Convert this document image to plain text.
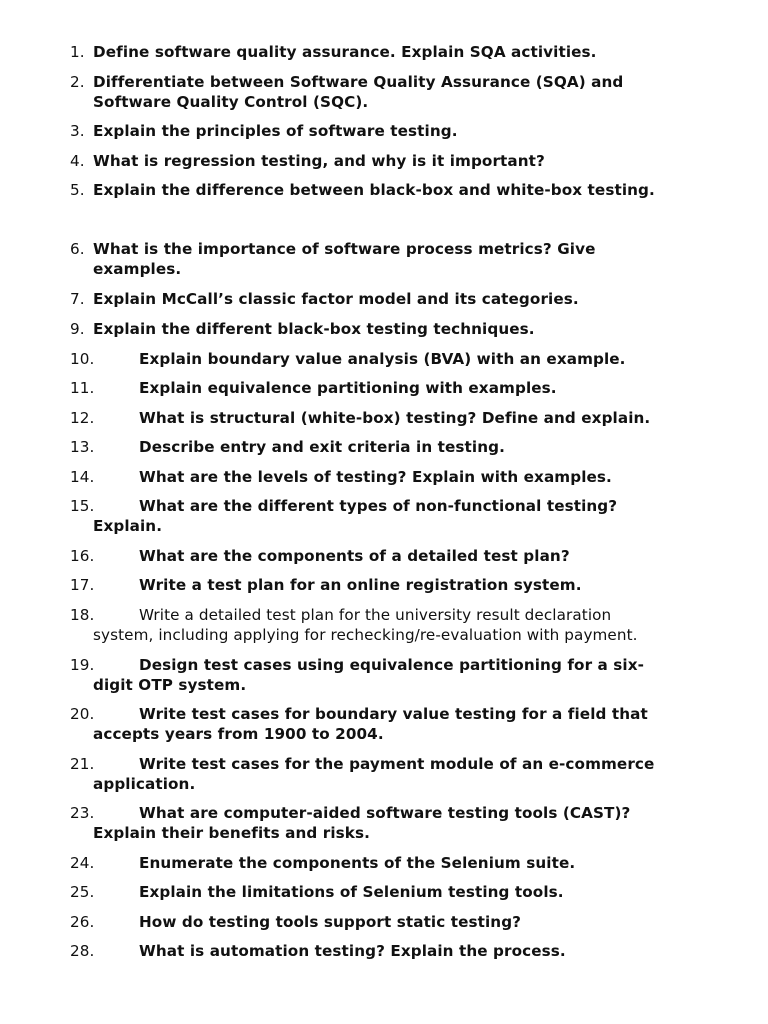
1. Define software quality assurance. Explain SQA activities.
2. Differentiate between Software Quality Assurance (SQA) and
Software Quality Control (SQC).
3. Explain the principles of software testing.
4. What is regression testing, and why is it important?
5. Explain the difference between black-box and white-box testing.
6. What is the importance of software process metrics? Give
examples.
7. Explain McCall’s classic factor model and its categories.
9. Explain the different black-box testing techniques.
10.	Explain boundary value analysis (BVA) with an example.
11.	Explain equivalence partitioning with examples.
12.	What is structural (white-box) testing? Define and explain.
13.	Describe entry and exit criteria in testing.
14.	What are the levels of testing? Explain with examples.
15.	What are the different types of non-functional testing?
Explain.
16.	What are the components of a detailed test plan?
17.	Write a test plan for an online registration system.
18.	Write a detailed test plan for the university result declaration
system, including applying for rechecking/re-evaluation with payment.
19.	Design test cases using equivalence partitioning for a six-
digit OTP system.
20.	Write test cases for boundary value testing for a field that
accepts years from 1900 to 2004.
21.	Write test cases for the payment module of an e-commerce
application.
23.	What are computer-aided software testing tools (CAST)?
Explain their benefits and risks.
24.	Enumerate the components of the Selenium suite.
25.	Explain the limitations of Selenium testing tools.
26.	How do testing tools support static testing?
28.	What is automation testing? Explain the process.
